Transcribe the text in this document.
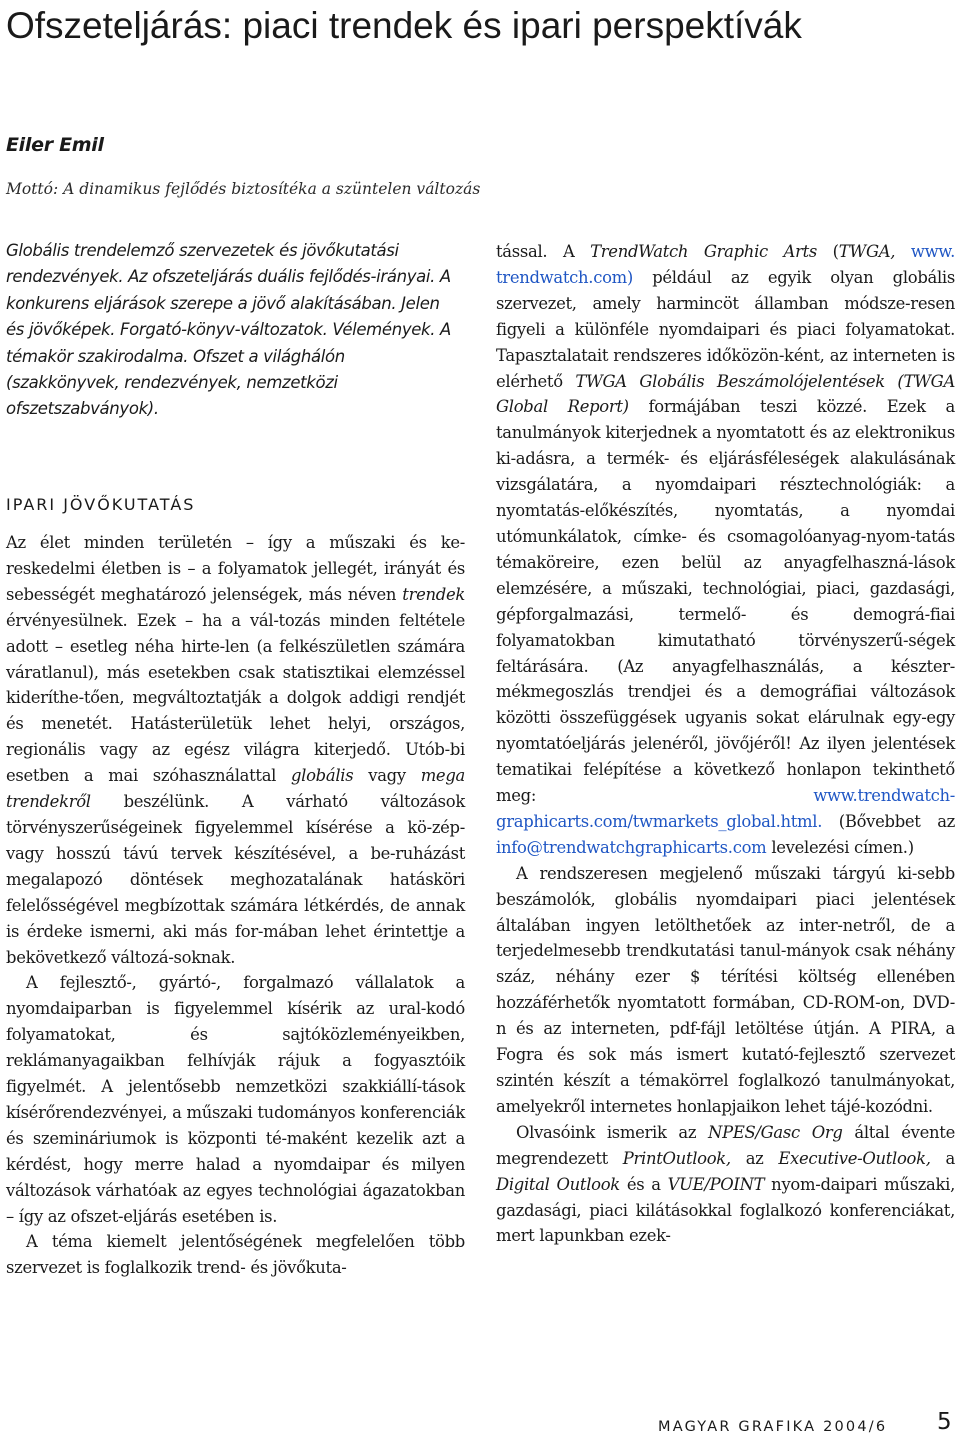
Ofszeteljárás: piaci trendek és ipari perspektívák
Eiler Emil
Mottó: A dinamikus fejlődés biztosítéka a szüntelen változás

Globális trendelemző szervezetek és jövőkutatási rendezvények. Az ofszeteljárás duális fejlődés-irányai. A konkurens eljárások szerepe a jövő alakításában. Jelen és jövőképek. Forgató-könyv-változatok. Vélemények. A témakör szakirodalma. Ofszet a világhálón (szakkönyvek, rendezvények, nemzetközi ofszetszabványok).

IPARI JÖVŐKUTATÁS

Az élet minden területén – így a műszaki és ke-reskedelmi életben is – a folyamatok jellegét, irányát és sebességét meghatározó jelenségek, más néven trendek érvényesülnek. Ezek – ha a vál-tozás minden feltétele adott – esetleg néha hirte-len (a felkészületlen számára váratlanul), más esetekben csak statisztikai elemzéssel kideríthe-tően, megváltoztatják a dolgok addigi rendjét és menetét. Hatásterületük lehet helyi, országos, regionális vagy az egész világra kiterjedő. Utób-bi esetben a mai szóhasználattal globális vagy mega trendekről beszélünk. A várható változások törvényszerűségeinek figyelemmel kísérése a kö-zép- vagy hosszú távú tervek készítésével, a be-ruházást megalapozó döntések meghozatalának hatásköri felelősségével megbízottak számára létkérdés, de annak is érdeke ismerni, aki más for-mában lehet érintettje a bekövetkező változá-soknak.

A fejlesztő-, gyártó-, forgalmazó vállalatok a nyomdaiparban is figyelemmel kísérik az ural-kodó folyamatokat, és sajtóközleményeikben, reklámanyagaikban felhívják rájuk a fogyasztóik figyelmét. A jelentősebb nemzetközi szakkiállí-tások kísérőrendezvényei, a műszaki tudományos konferenciák és szemináriumok is központi té-maként kezelik azt a kérdést, hogy merre halad a nyomdaipar és milyen változások várhatóak az egyes technológiai ágazatokban – így az ofszet-eljárás esetében is.

A téma kiemelt jelentőségének megfelelően több szervezet is foglalkozik trend- és jövőkuta-

tással. A TrendWatch Graphic Arts (TWGA, www. trendwatch.com) például az egyik olyan globális szervezet, amely harmincöt államban módsze-resen figyeli a különféle nyomdaipari és piaci folyamatokat. Tapasztalatait rendszeres időközön-ként, az interneten is elérhető TWGA Globális Beszámolójelentések (TWGA Global Report) formájában teszi közzé. Ezek a tanulmányok kiterjednek a nyomtatott és az elektronikus ki-adásra, a termék- és eljárásféleségek alakulásának vizsgálatára, a nyomdaipari résztechnológiák: a nyomtatás-előkészítés, nyomtatás, a nyomdai utómunkálatok, címke- és csomagolóanyag-nyom-tatás témaköreire, ezen belül az anyagfelhaszná-lások elemzésére, a műszaki, technológiai, piaci, gazdasági, gépforgalmazási, termelő- és demográ-fiai folyamatokban kimutatható törvényszerű-ségek feltárására. (Az anyagfelhasználás, a készter-mékmegoszlás trendjei és a demográfiai változások közötti összefüggések ugyanis sokat elárulnak egy-egy nyomtatóeljárás jelenéről, jövőjéről! Az ilyen jelentések tematikai felépítése a következő honlapon tekinthető meg: www.trendwatch-graphicarts.com/twmarkets_global.html. (Bővebbet az info@trendwatchgraphicarts.com levelezési címen.)

A rendszeresen megjelenő műszaki tárgyú ki-sebb beszámolók, globális nyomdaipari piaci jelentések általában ingyen letölthetőek az inter-netről, de a terjedelmesebb trendkutatási tanul-mányok csak néhány száz, néhány ezer $ térítési költség ellenében hozzáférhetők nyomtatott formában, CD-ROM-on, DVD-n és az interneten, pdf-fájl letöltése útján. A PIRA, a Fogra és sok más ismert kutató-fejlesztő szervezet szintén készít a témakörrel foglalkozó tanulmányokat, amelyekről internetes honlapjaikon lehet tájé-kozódni.

Olvasóink ismerik az NPES/Gasc Org által évente megrendezett PrintOutlook, az Executive-Outlook, a Digital Outlook és a VUE/POINT nyom-daipari műszaki, gazdasági, piaci kilátásokkal foglalkozó konferenciákat, mert lapunkban ezek-

MAGYAR GRAFIKA 2004/6 5
